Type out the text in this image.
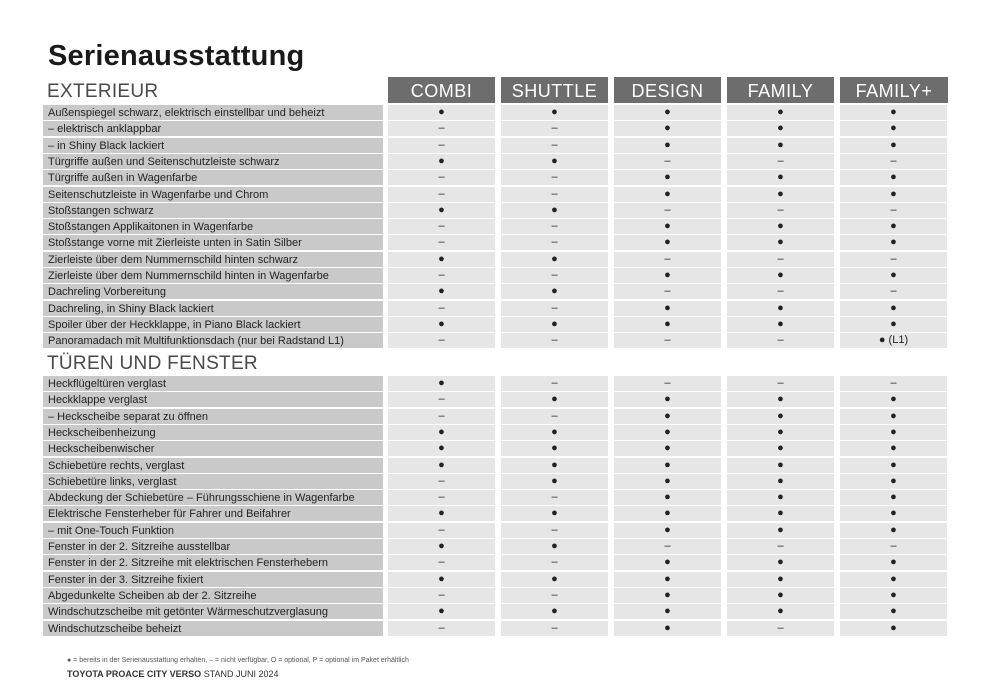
Serienausstattung
COMBI	SHUTTLE	DESIGN	FAMILY	FAMILY+
EXTERIEUR
Außenspiegel schwarz, elektrisch einstellbar und beheizt	●	●	●	●	●
– elektrisch anklappbar	–	–	●	●	●
– in Shiny Black lackiert	–	–	●	●	●
Türgriffe außen und Seitenschutzleiste schwarz	●	●	–	–	–
Türgriffe außen in Wagenfarbe	–	–	●	●	●
Seitenschutzleiste in Wagenfarbe und Chrom	–	–	●	●	●
Stoßstangen schwarz	●	●	–	–	–
Stoßstangen Applikaitonen in Wagenfarbe	–	–	●	●	●
Stoßstange vorne mit Zierleiste unten in Satin Silber	–	–	●	●	●
Zierleiste über dem Nummernschild hinten schwarz	●	●	–	–	–
Zierleiste über dem Nummernschild hinten in Wagenfarbe	–	–	●	●	●
Dachreling Vorbereitung	●	●	–	–	–
Dachreling, in Shiny Black lackiert	–	–	●	●	●
Spoiler über der Heckklappe, in Piano Black lackiert	●	●	●	●	●
Panoramadach mit Multifunktionsdach (nur bei Radstand L1)	–	–	–	–	● (L1)
TÜREN UND FENSTER
Heckflügeltüren verglast	●	–	–	–	–
Heckklappe verglast	–	●	●	●	●
– Heckscheibe separat zu öffnen	–	–	●	●	●
Heckscheibenheizung	●	●	●	●	●
Heckscheibenwischer	●	●	●	●	●
Schiebetüre rechts, verglast	●	●	●	●	●
Schiebetüre links, verglast	–	●	●	●	●
Abdeckung der Schiebetüre – Führungsschiene in Wagenfarbe	–	–	●	●	●
Elektrische Fensterheber für Fahrer und Beifahrer	●	●	●	●	●
– mit One-Touch Funktion	–	–	●	●	●
Fenster in der 2. Sitzreihe ausstellbar	●	●	–	–	–
Fenster in der 2. Sitzreihe mit elektrischen Fensterhebern	–	–	●	●	●
Fenster in der 3. Sitzreihe fixiert	●	●	●	●	●
Abgedunkelte Scheiben ab der 2. Sitzreihe	–	–	●	●	●
Windschutzscheibe mit getönter Wärmeschutzverglasung	●	●	●	●	●
Windschutzscheibe beheizt	–	–	●	–	●
● = bereits in der Serienausstattung erhalten, – = nicht verfügbar, O = optional, P = optional im Paket erhältlich
TOYOTA PROACE CITY VERSO STAND JUNI 2024
